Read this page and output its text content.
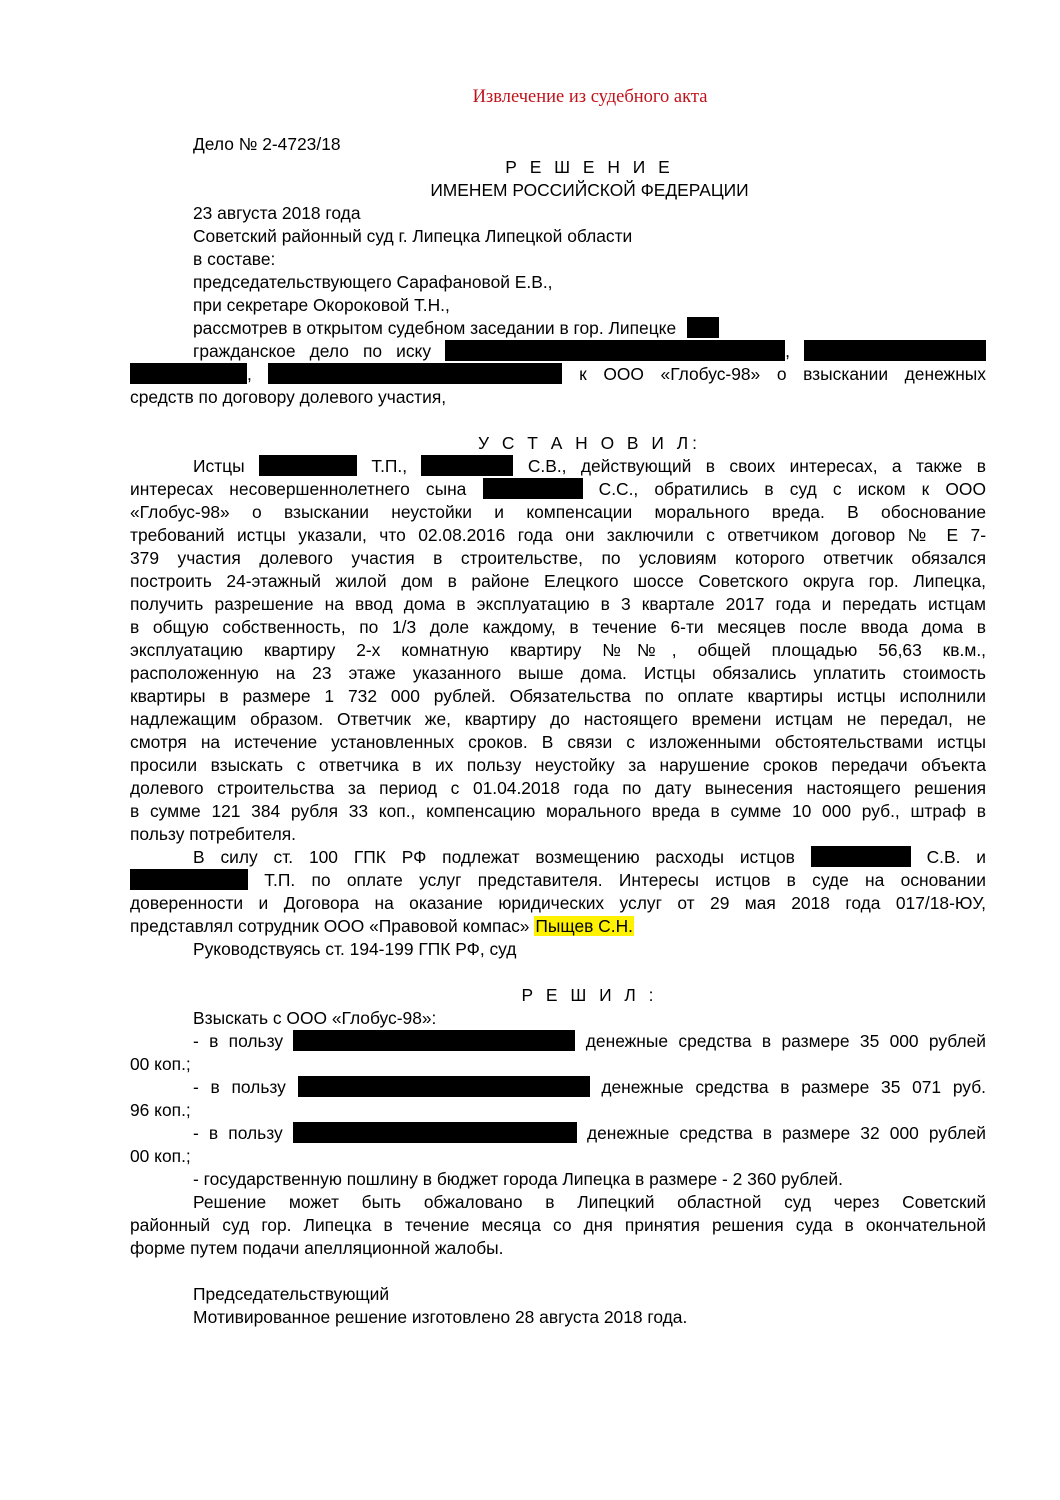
Извлечение из судебного акта
Дело № 2-4723/18
Р Е Ш Е Н И Е
ИМЕНЕМ РОССИЙСКОЙ ФЕДЕРАЦИИ
23 августа 2018 года
Советский районный суд г. Липецка Липецкой области
в составе:
председательствующего Сарафановой Е.В.,
при секретаре Окороковой Т.Н.,
рассмотрев в открытом судебном заседании в гор. Липецке
гражданское дело по иску	,
,	к ООО «Глобус-98» о взыскании денежных
средств по договору долевого участия,
У С Т А Н О В И Л:
Истцы	Т.П.,	С.В., действующий в своих интересах, а также в
интересах несовершеннолетнего сына	С.С., обратились в суд с иском к ООО
«Глобус-98» о взыскании неустойки и компенсации морального вреда. В обоснование
требований истцы указали, что 02.08.2016 года они заключили с ответчиком договор № Е 7-
379 участия долевого участия в строительстве, по условиям которого ответчик обязался
построить 24-этажный жилой дом в районе Елецкого шоссе Советского округа гор. Липецка,
получить разрешение на ввод дома в эксплуатацию в 3 квартале 2017 года и передать истцам
в общую собственность, по 1/3 доле каждому, в течение 6-ти месяцев после ввода дома в
эксплуатацию квартиру 2-х комнатную квартиру №№, общей площадью 56,63 кв.м.,
расположенную на 23 этаже указанного выше дома. Истцы обязались уплатить стоимость
квартиры в размере 1 732 000 рублей. Обязательства по оплате квартиры истцы исполнили
надлежащим образом. Ответчик же, квартиру до настоящего времени истцам не передал, не
смотря на истечение установленных сроков. В связи с изложенными обстоятельствами истцы
просили взыскать с ответчика в их пользу неустойку за нарушение сроков передачи объекта
долевого строительства за период с 01.04.2018 года по дату вынесения настоящего решения
в сумме 121 384 рубля 33 коп., компенсацию морального вреда в сумме 10 000 руб., штраф в
пользу потребителя.
В силу ст. 100 ГПК РФ подлежат возмещению расходы истцов	С.В. и
Т.П. по оплате услуг представителя. Интересы истцов в суде на основании
доверенности и Договора на оказание юридических услуг от 29 мая 2018 года 017/18-ЮУ,
представлял сотрудник ООО «Правовой компас» Пыщев С.Н.
Руководствуясь ст. 194-199 ГПК РФ, суд
Р Е Ш И Л :
Взыскать с ООО «Глобус-98»:
- в пользу	денежные средства в размере 35 000 рублей
00 коп.;
- в пользу	денежные средства в размере 35 071 руб.
96 коп.;
- в пользу	денежные средства в размере 32 000 рублей
00 коп.;
- государственную пошлину в бюджет города Липецка в размере - 2 360 рублей.
Решение может быть обжаловано в Липецкий областной суд через Советский
районный суд гор. Липецка в течение месяца со дня принятия решения суда в окончательной
форме путем подачи апелляционной жалобы.
Председательствующий
Мотивированное решение изготовлено 28 августа 2018 года.
